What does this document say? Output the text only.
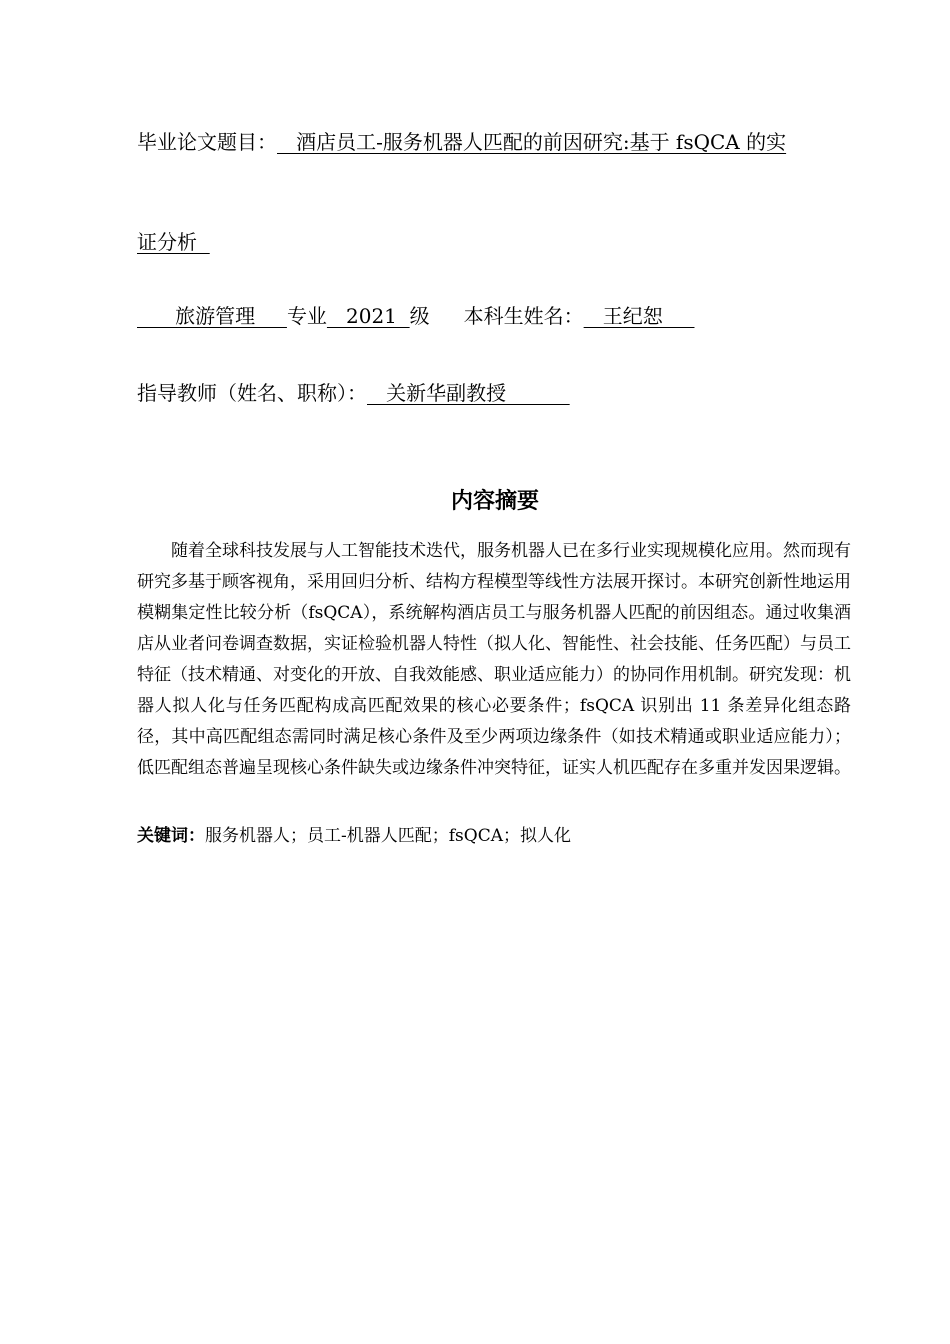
毕业论文题目：   酒店员工-服务机器人匹配的前因研究:基于 fsQCA 的实
证分析
旅游管理     专业   2021  级 本科生姓名：   王纪恕
指导教师（姓名、职称）：   关新华副教授
内容摘要

随着全球科技发展与人工智能技术迭代，服务机器人已在多行业实现规模化应用。然而现有研究多基于顾客视角，采用回归分析、结构方程模型等线性方法展开探讨。本研究创新性地运用模糊集定性比较分析（fsQCA），系统解构酒店员工与服务机器人匹配的前因组态。通过收集酒店从业者问卷调查数据，实证检验机器人特性（拟人化、智能性、社会技能、任务匹配）与员工特征（技术精通、对变化的开放、自我效能感、职业适应能力）的协同作用机制。研究发现：机器人拟人化与任务匹配构成高匹配效果的核心必要条件；fsQCA 识别出 11 条差异化组态路径，其中高匹配组态需同时满足核心条件及至少两项边缘条件（如技术精通或职业适应能力）；低匹配组态普遍呈现核心条件缺失或边缘条件冲突特征，证实人机匹配存在多重并发因果逻辑。

关键词：服务机器人；员工-机器人匹配；fsQCA；拟人化
